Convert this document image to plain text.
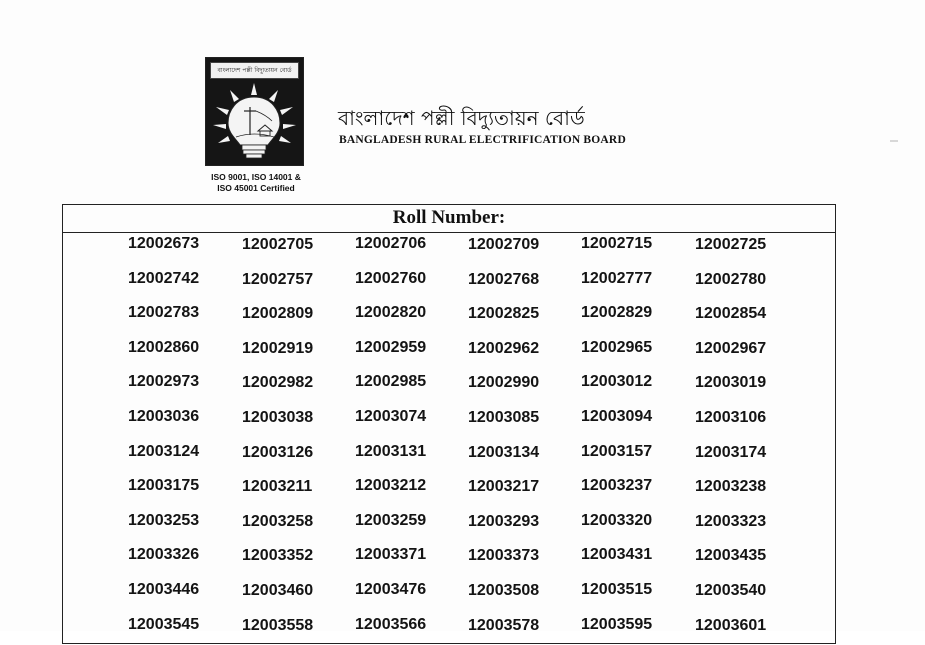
বাংলাদেশ পল্লী বিদ্যুতায়ন বোর্ড
ISO 9001, ISO 14001 &
ISO 45001 Certified
বাংলাদেশ পল্লী বিদ্যুতায়ন বোর্ড
BANGLADESH RURAL ELECTRIFICATION BOARD
Roll Number:
12002673	12002705	12002706	12002709	12002715	12002725
12002742	12002757	12002760	12002768	12002777	12002780
12002783	12002809	12002820	12002825	12002829	12002854
12002860	12002919	12002959	12002962	12002965	12002967
12002973	12002982	12002985	12002990	12003012	12003019
12003036	12003038	12003074	12003085	12003094	12003106
12003124	12003126	12003131	12003134	12003157	12003174
12003175	12003211	12003212	12003217	12003237	12003238
12003253	12003258	12003259	12003293	12003320	12003323
12003326	12003352	12003371	12003373	12003431	12003435
12003446	12003460	12003476	12003508	12003515	12003540
12003545	12003558	12003566	12003578	12003595	12003601
